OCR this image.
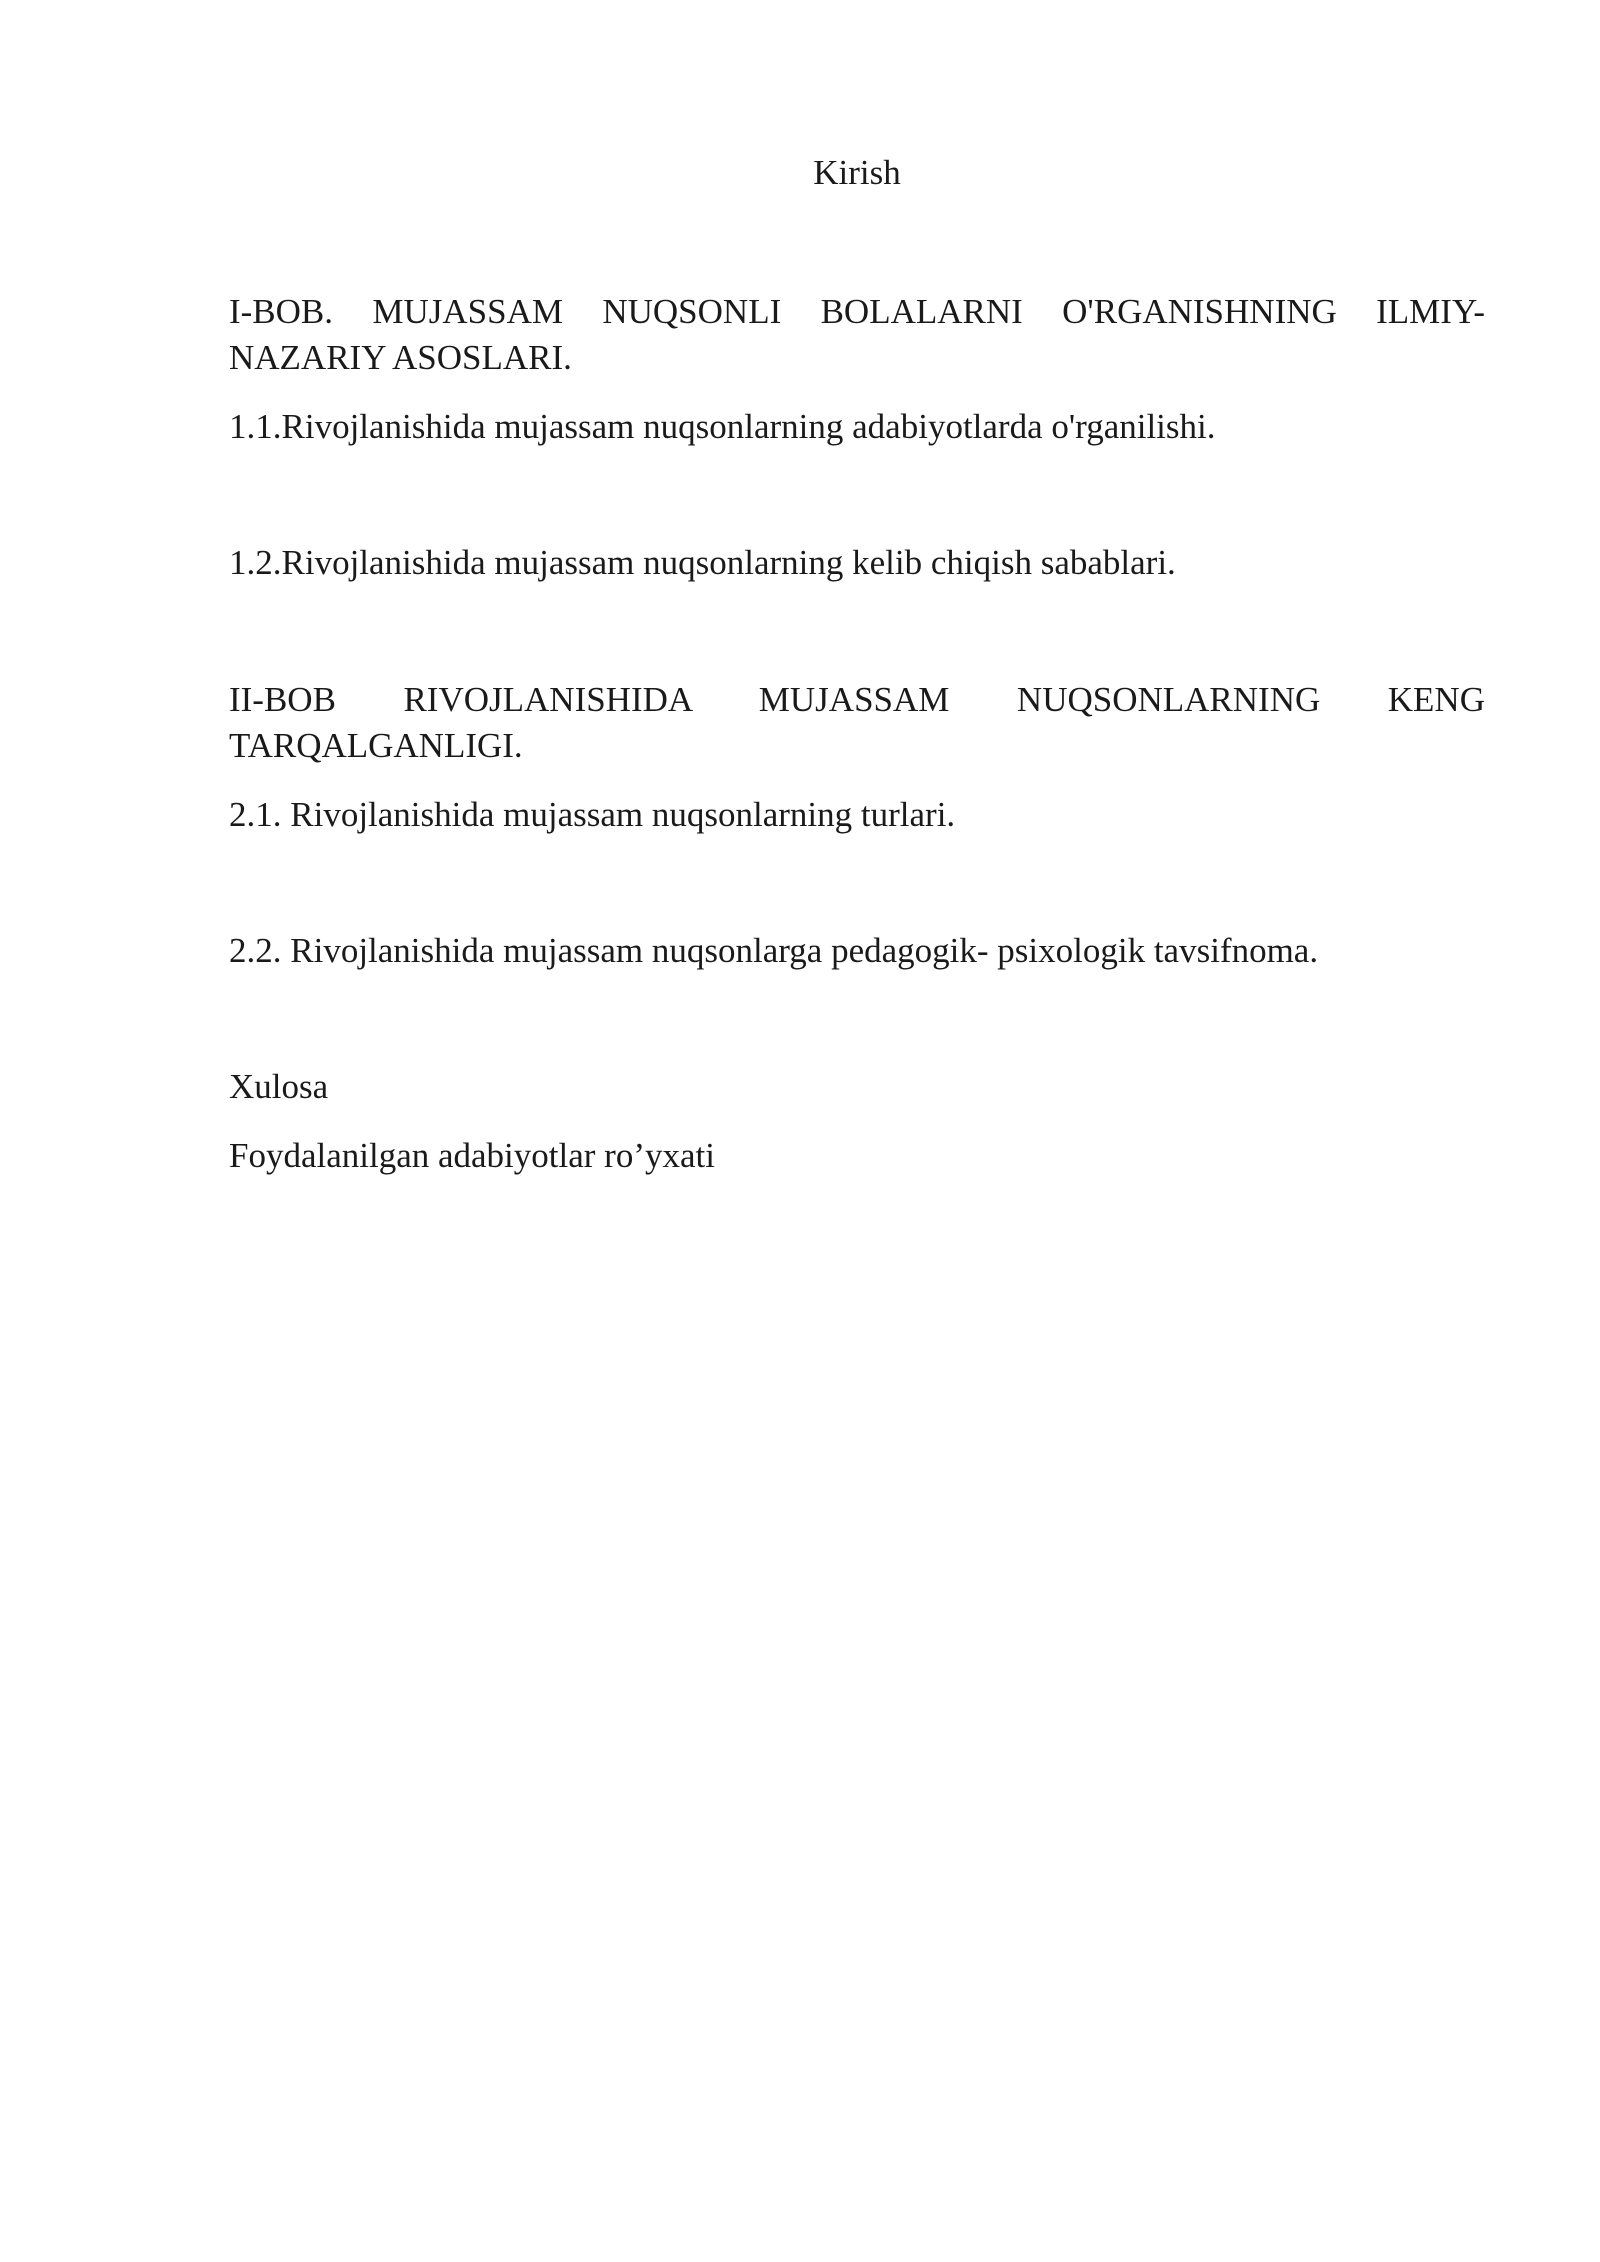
Kirish

I-BOB. MUJASSAM NUQSONLI BOLALARNI O'RGANISHNING ILMIY-NAZARIY ASOSLARI.

1.1.Rivojlanishida mujassam nuqsonlarning adabiyotlarda o'rganilishi.

1.2.Rivojlanishida mujassam nuqsonlarning kelib chiqish sabablari.

II-BOB RIVOJLANISHIDA MUJASSAM NUQSONLARNING KENG TARQALGANLIGI.

2.1. Rivojlanishida mujassam nuqsonlarning turlari.

2.2. Rivojlanishida mujassam nuqsonlarga pedagogik- psixologik tavsifnoma.

Xulosa

Foydalanilgan adabiyotlar ro’yxati
